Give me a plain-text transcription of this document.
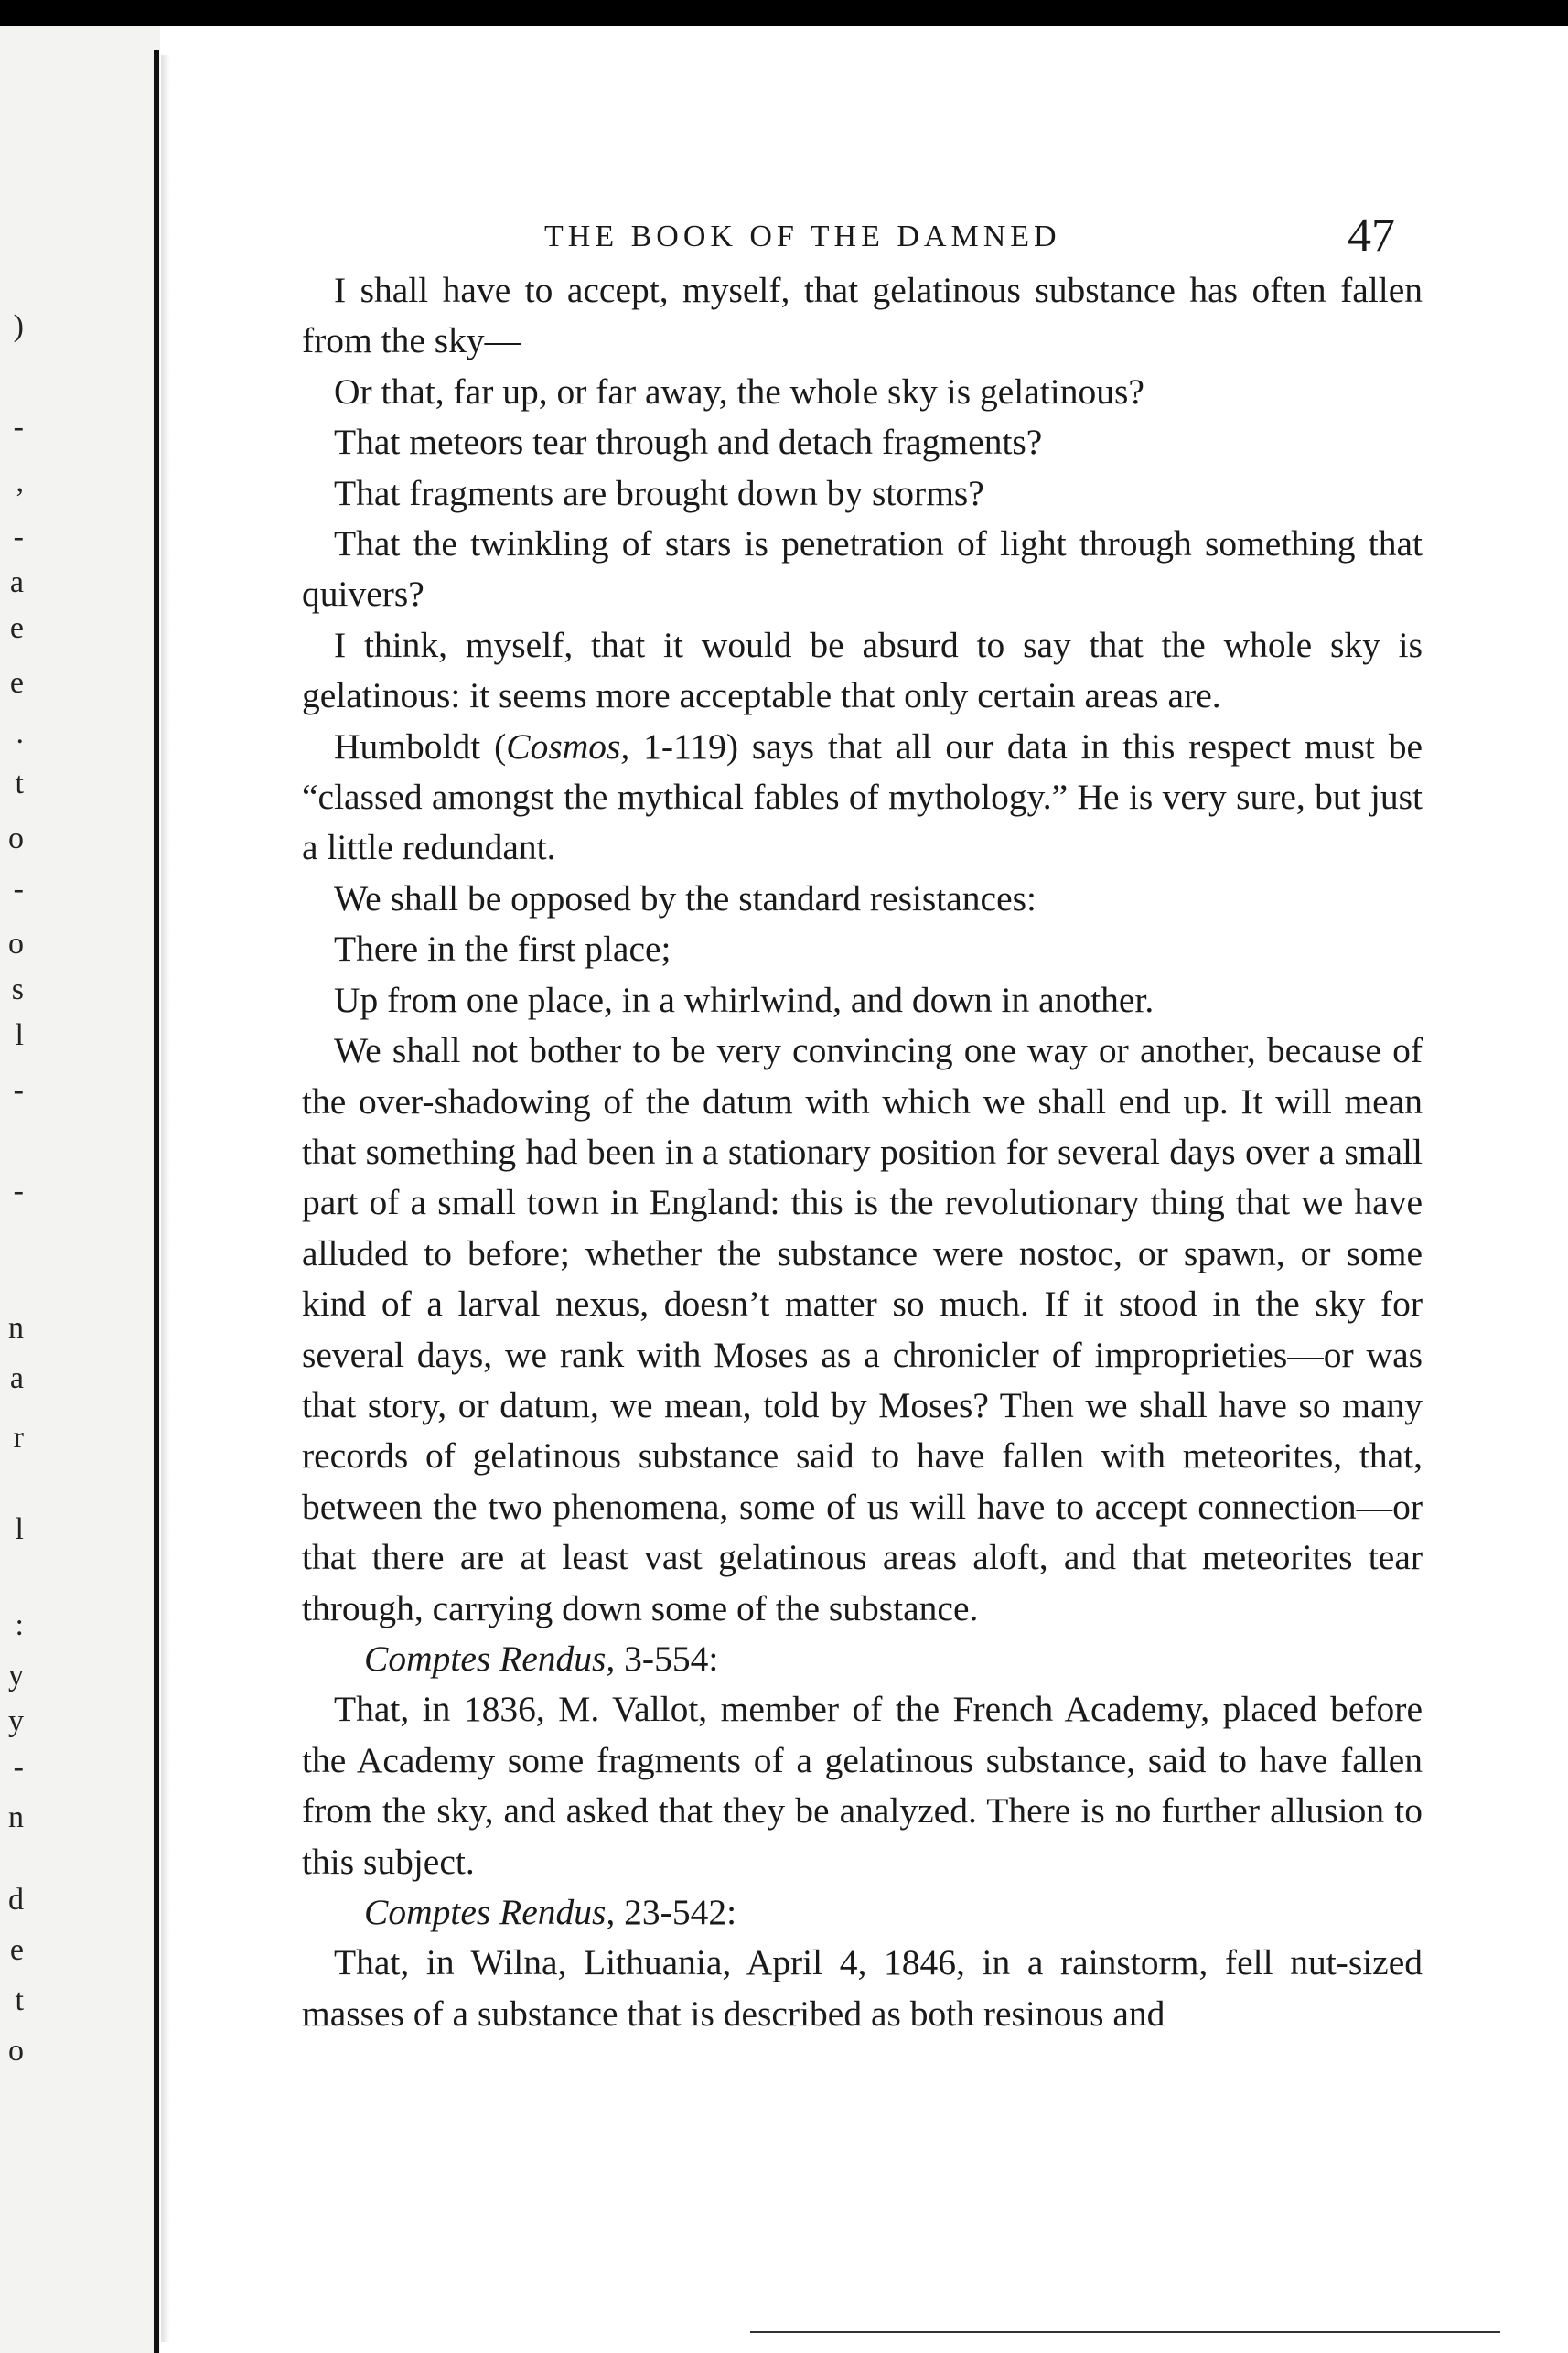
)
-
,
-
a
e
e
.
t
o
-
o
s
l
-
-
n
a
r
l
:
y
y
-
n
d
e
t
o
THE BOOK OF THE DAMNED	47

I shall have to accept, myself, that gelatinous substance has often fallen from the sky—

Or that, far up, or far away, the whole sky is gelatinous?

That meteors tear through and detach fragments?

That fragments are brought down by storms?

That the twinkling of stars is penetration of light through something that quivers?

I think, myself, that it would be absurd to say that the whole sky is gelatinous: it seems more acceptable that only certain areas are.

Humboldt (Cosmos, 1-119) says that all our data in this respect must be “classed amongst the mythical fables of mythology.” He is very sure, but just a little redundant.

We shall be opposed by the standard resistances:

There in the first place;

Up from one place, in a whirlwind, and down in another.

We shall not bother to be very convincing one way or another, because of the over-shadowing of the datum with which we shall end up. It will mean that something had been in a stationary position for several days over a small part of a small town in England: this is the revolutionary thing that we have alluded to before; whether the substance were nostoc, or spawn, or some kind of a larval nexus, doesn’t matter so much. If it stood in the sky for several days, we rank with Moses as a chronicler of improprieties—or was that story, or datum, we mean, told by Moses? Then we shall have so many records of gelatinous substance said to have fallen with meteorites, that, between the two phenomena, some of us will have to accept connection—or that there are at least vast gelatinous areas aloft, and that meteorites tear through, carrying down some of the substance.

Comptes Rendus, 3-554:

That, in 1836, M. Vallot, member of the French Academy, placed before the Academy some fragments of a gelatinous substance, said to have fallen from the sky, and asked that they be analyzed. There is no further allusion to this subject.

Comptes Rendus, 23-542:

That, in Wilna, Lithuania, April 4, 1846, in a rainstorm, fell nut-sized masses of a substance that is described as both resinous and
